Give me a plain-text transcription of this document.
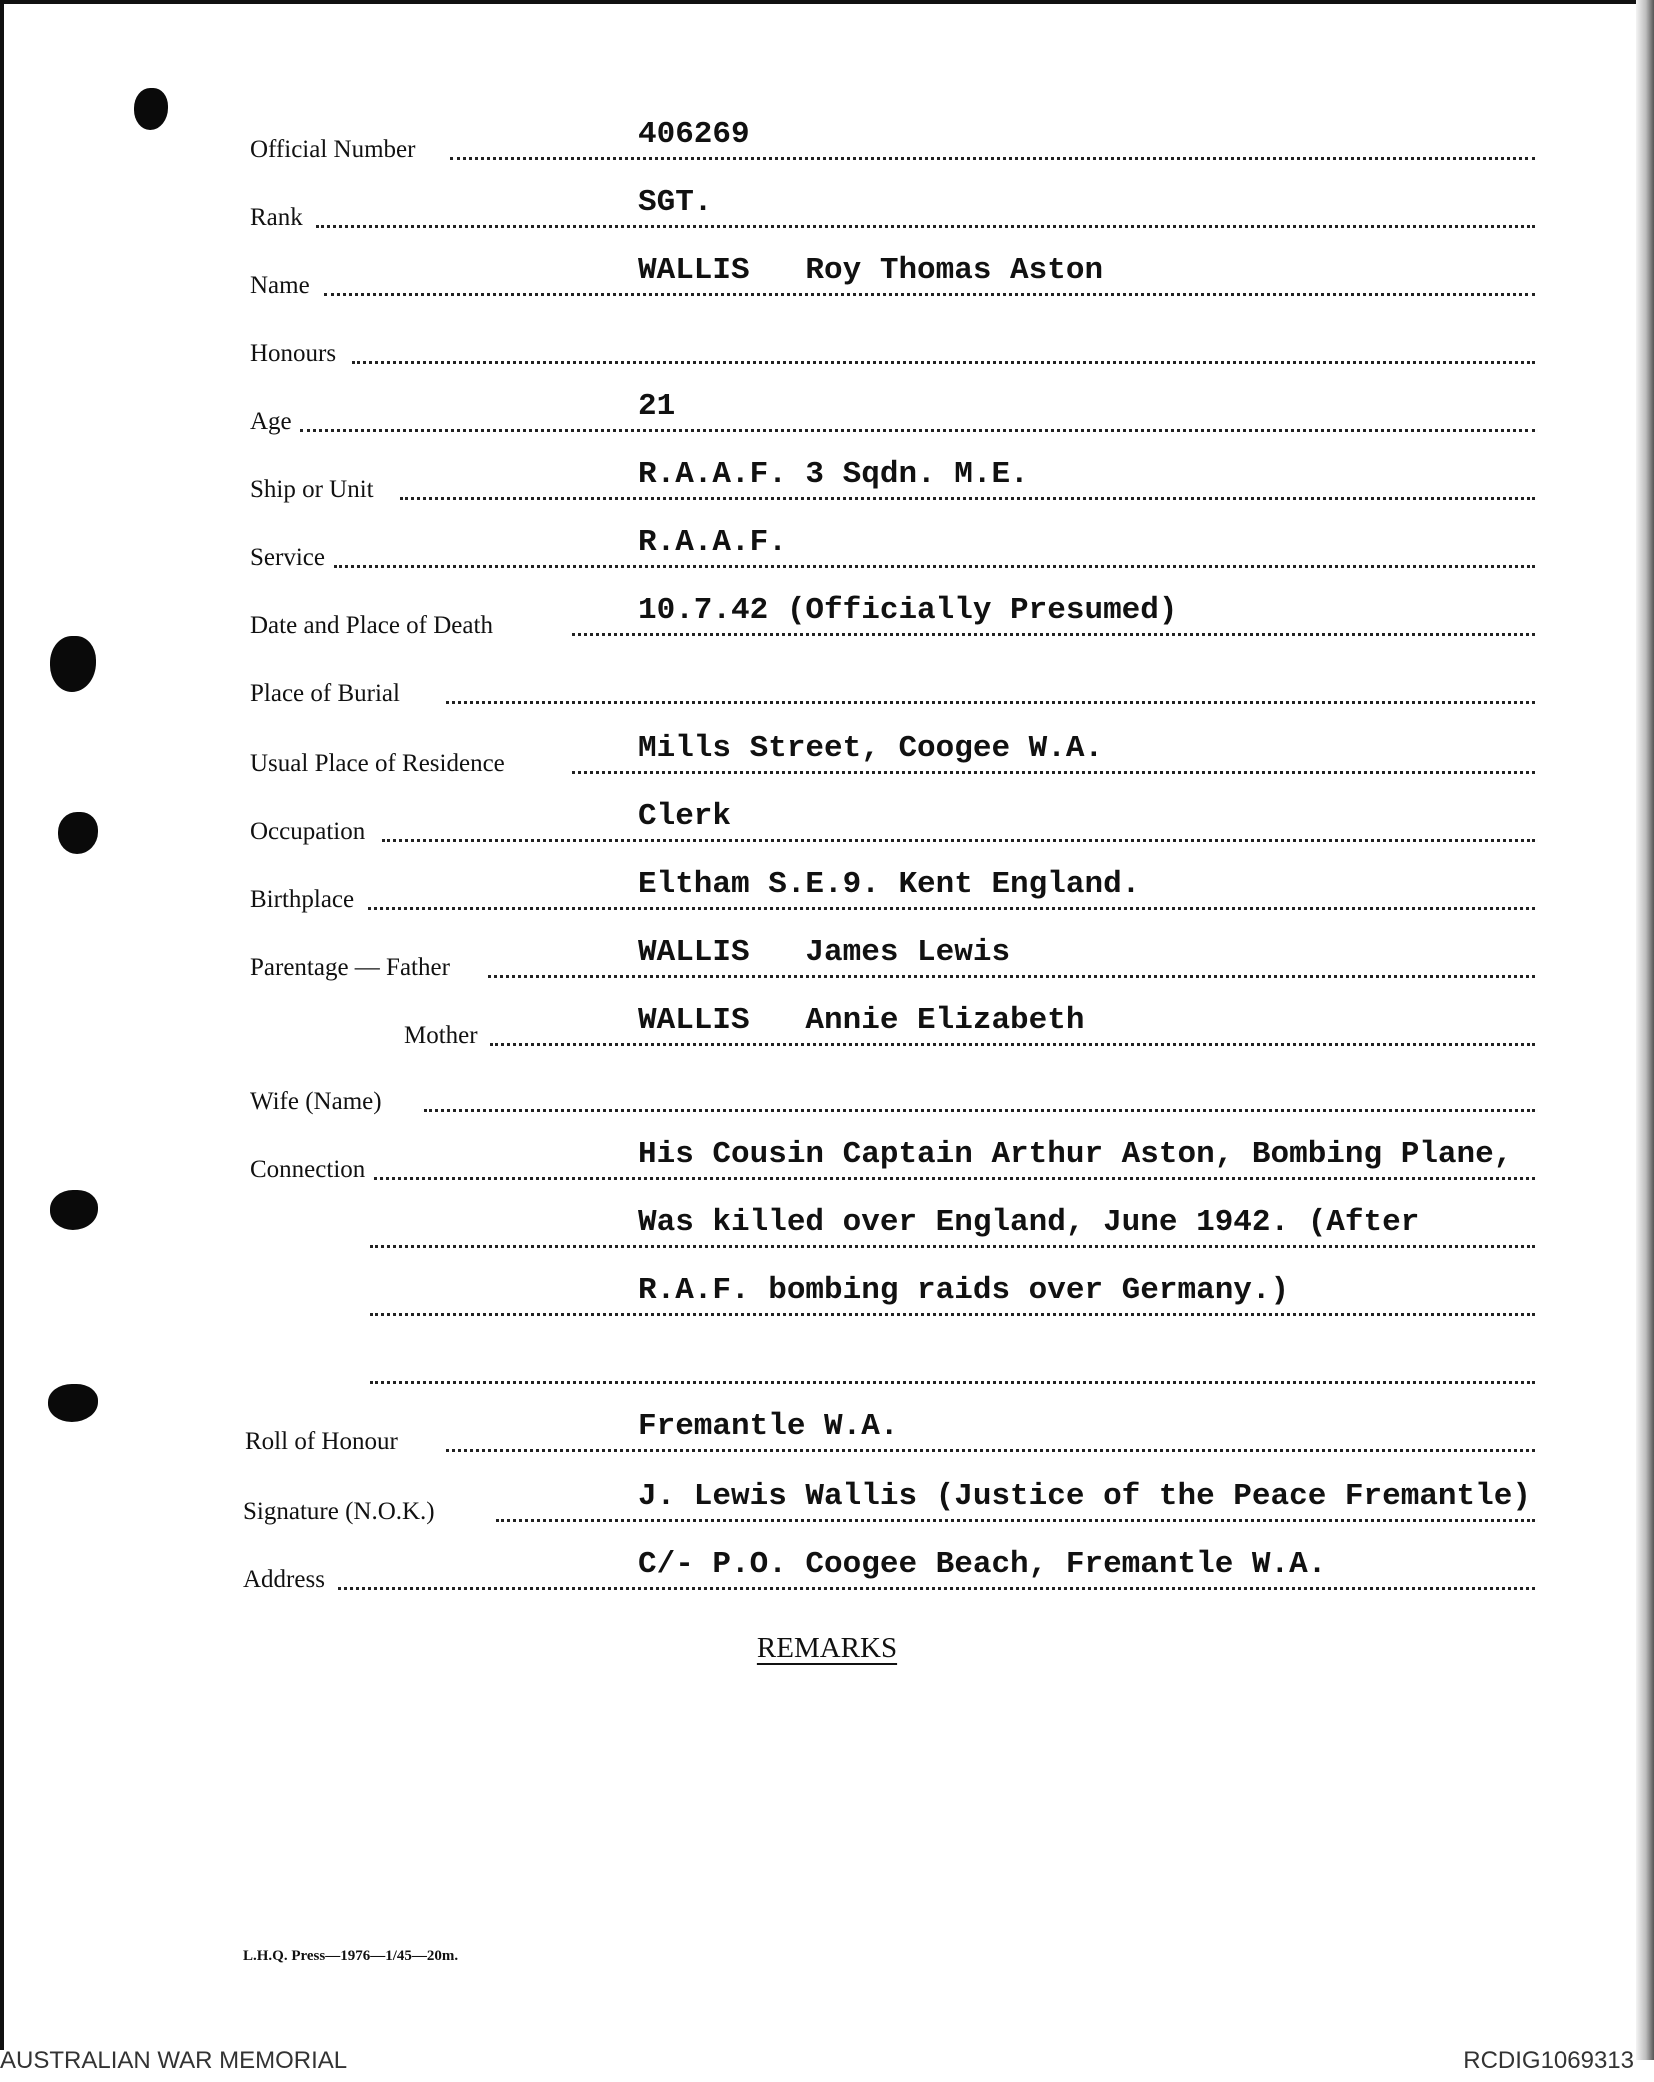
Official Number	406269
Rank	SGT.
Name	WALLIS   Roy Thomas Aston
Honours
Age	21
Ship or Unit	R.A.A.F. 3 Sqdn. M.E.
Service	R.A.A.F.
Date and Place of Death	10.7.42 (Officially Presumed)
Place of Burial
Usual Place of Residence	Mills Street, Coogee W.A.
Occupation	Clerk
Birthplace	Eltham S.E.9. Kent England.
Parentage — Father	WALLIS   James Lewis
Mother	WALLIS   Annie Elizabeth
Wife (Name)
Connection	His Cousin Captain Arthur Aston, Bombing Plane,
Was killed over England, June 1942. (After
R.A.F. bombing raids over Germany.)
Roll of Honour	Fremantle W.A.
Signature (N.O.K.)	J. Lewis Wallis (Justice of the Peace Fremantle)
Address	C/- P.O. Coogee Beach, Fremantle W.A.
REMARKS
L.H.Q. Press—1976—1/45—20m.
AUSTRALIAN WAR MEMORIAL	RCDIG1069313
